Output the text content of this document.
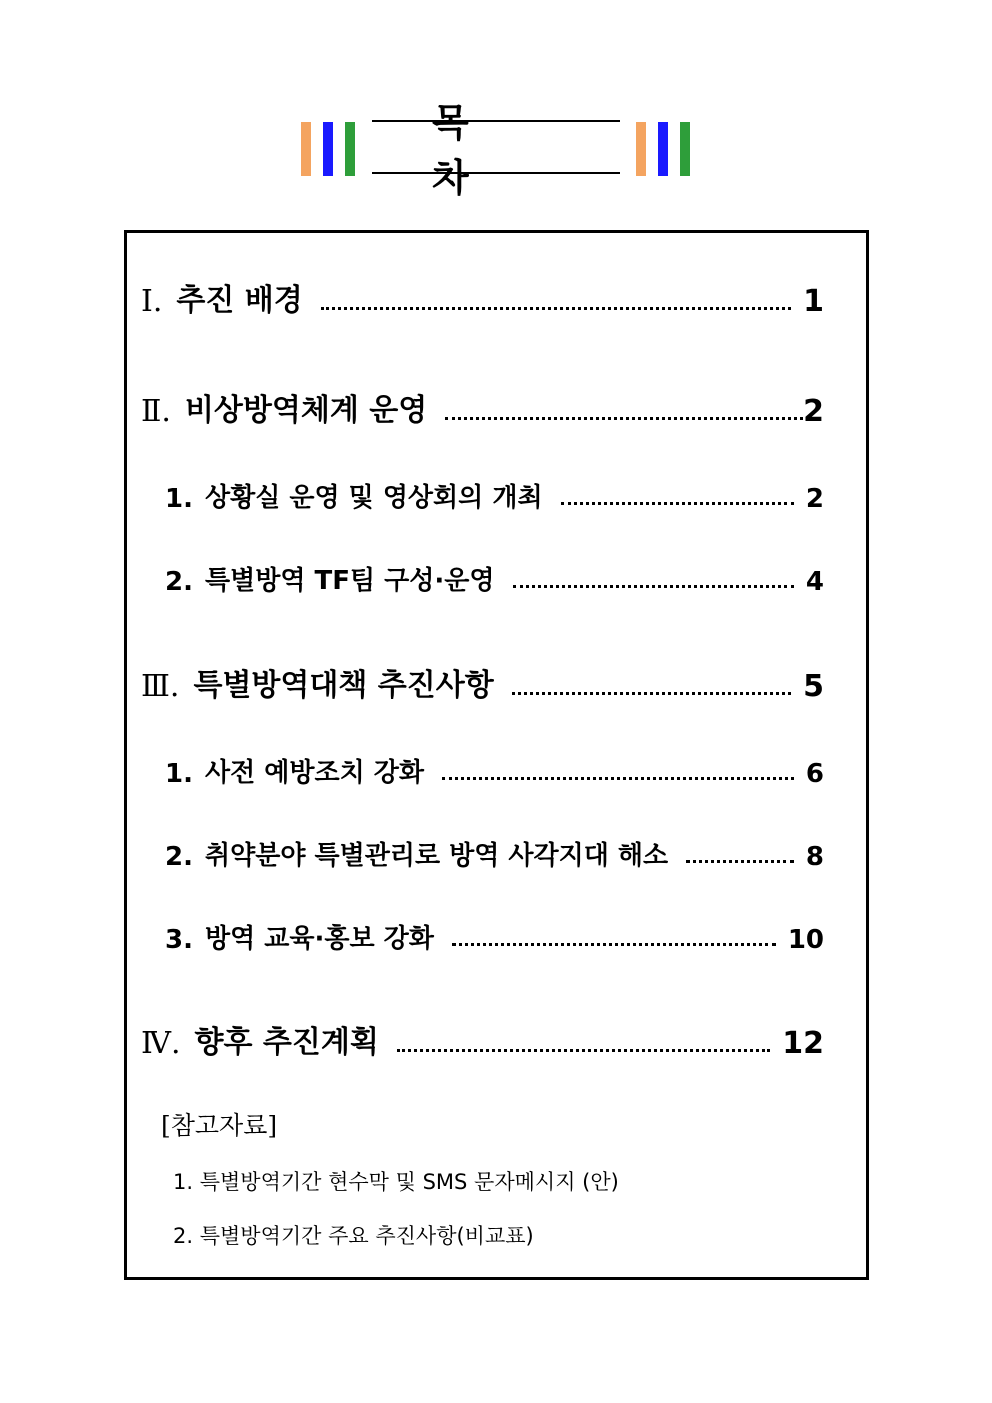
목 차
Ⅰ. 추진 배경	1
Ⅱ. 비상방역체계 운영	2
1. 상황실 운영 및 영상회의 개최	2
2. 특별방역 TF팀 구성·운영	4
Ⅲ. 특별방역대책 추진사항	5
1. 사전 예방조치 강화	6
2. 취약분야 특별관리로 방역 사각지대 해소	8
3. 방역 교육·홍보 강화	10
Ⅳ. 향후 추진계획	12
[참고자료]
1. 특별방역기간 현수막 및 SMS 문자메시지 (안)
2. 특별방역기간 주요 추진사항(비교표)
